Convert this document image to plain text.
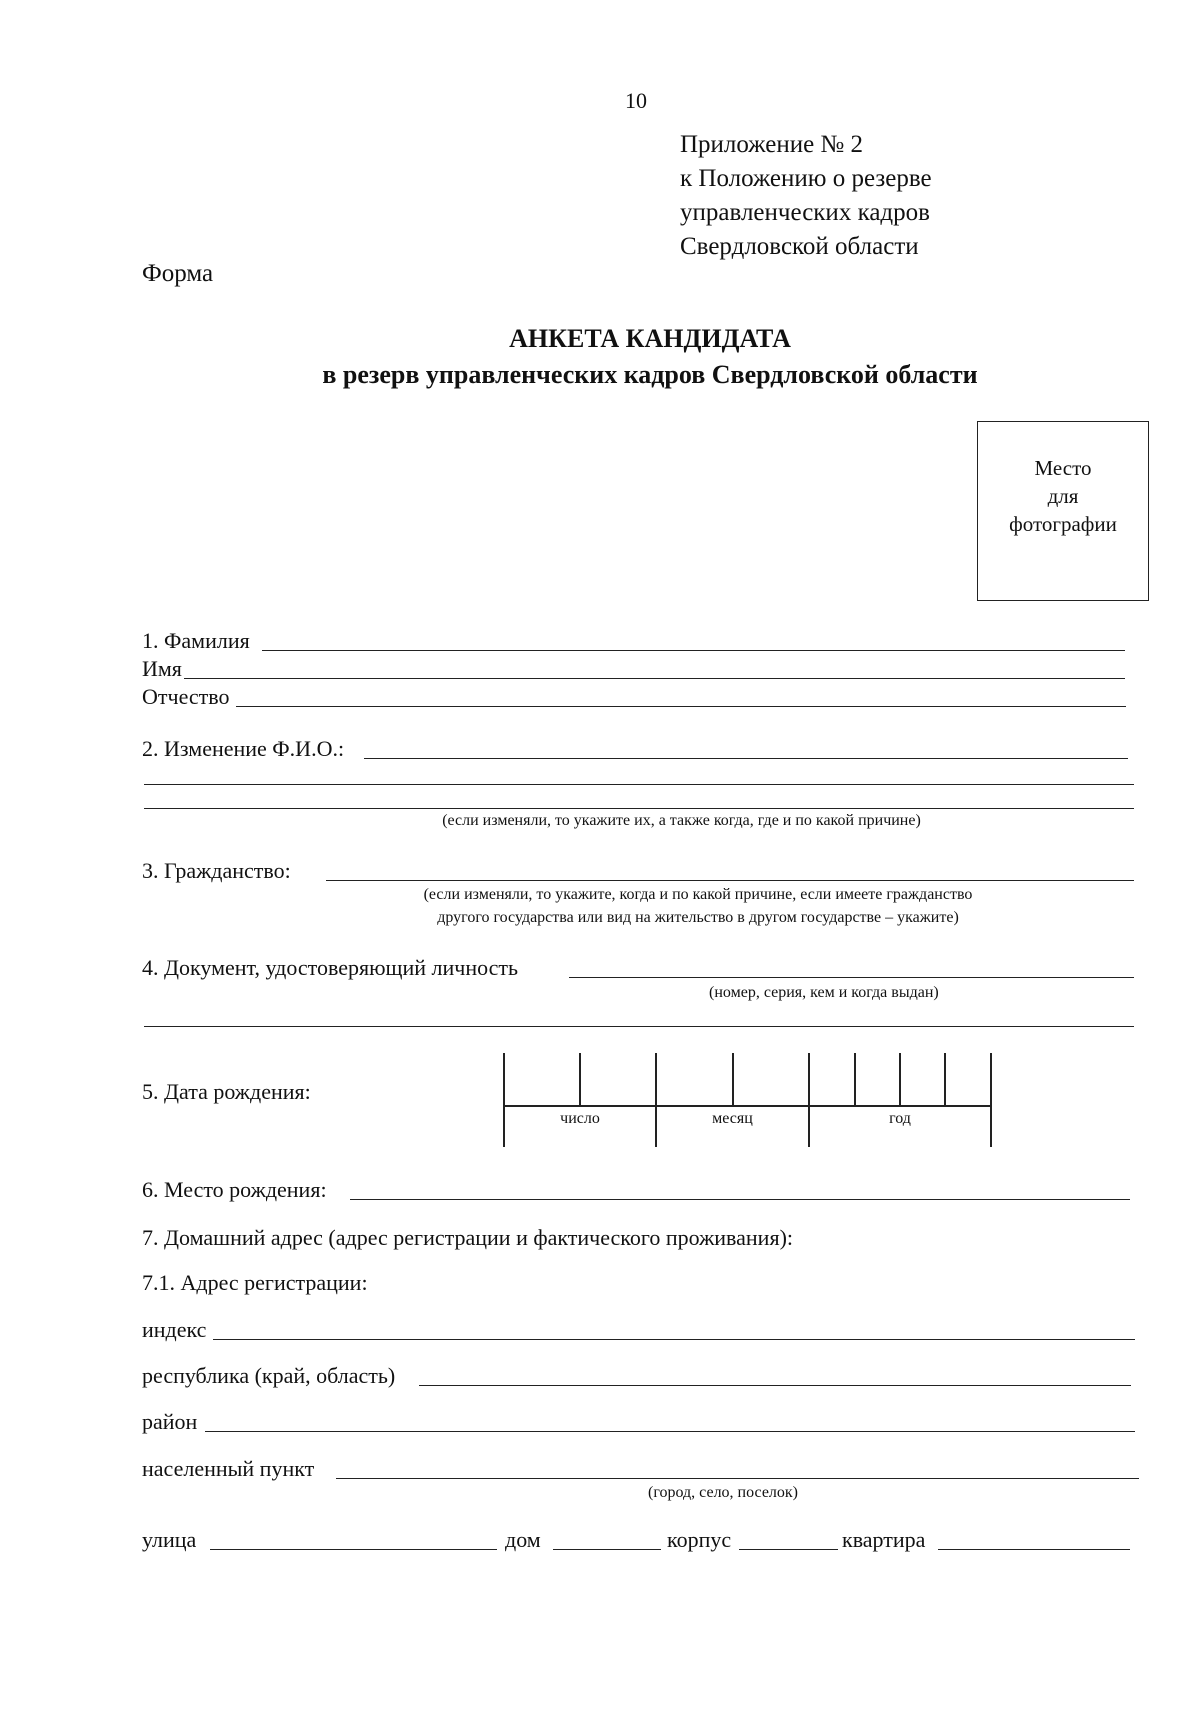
10
Приложение № 2
к Положению о резерве
управленческих кадров
Свердловской области
Форма
АНКЕТА КАНДИДАТА
в резерв управленческих кадров Свердловской области
Место
для
фотографии
1. Фамилия
Имя
Отчество
2. Изменение Ф.И.О.:
(если изменяли, то укажите их, а также когда, где и по какой причине)
3. Гражданство:
(если изменяли, то укажите, когда и по какой причине, если имеете гражданство
другого государства или вид на жительство в другом государстве – укажите)
4. Документ, удостоверяющий личность
(номер, серия, кем и когда выдан)
5. Дата рождения:
число	месяц	год
6. Место рождения:
7. Домашний адрес (адрес регистрации и фактического проживания):
7.1. Адрес регистрации:
индекс
республика (край, область)
район
населенный пункт
(город, село, поселок)
улица	дом	корпус	квартира
